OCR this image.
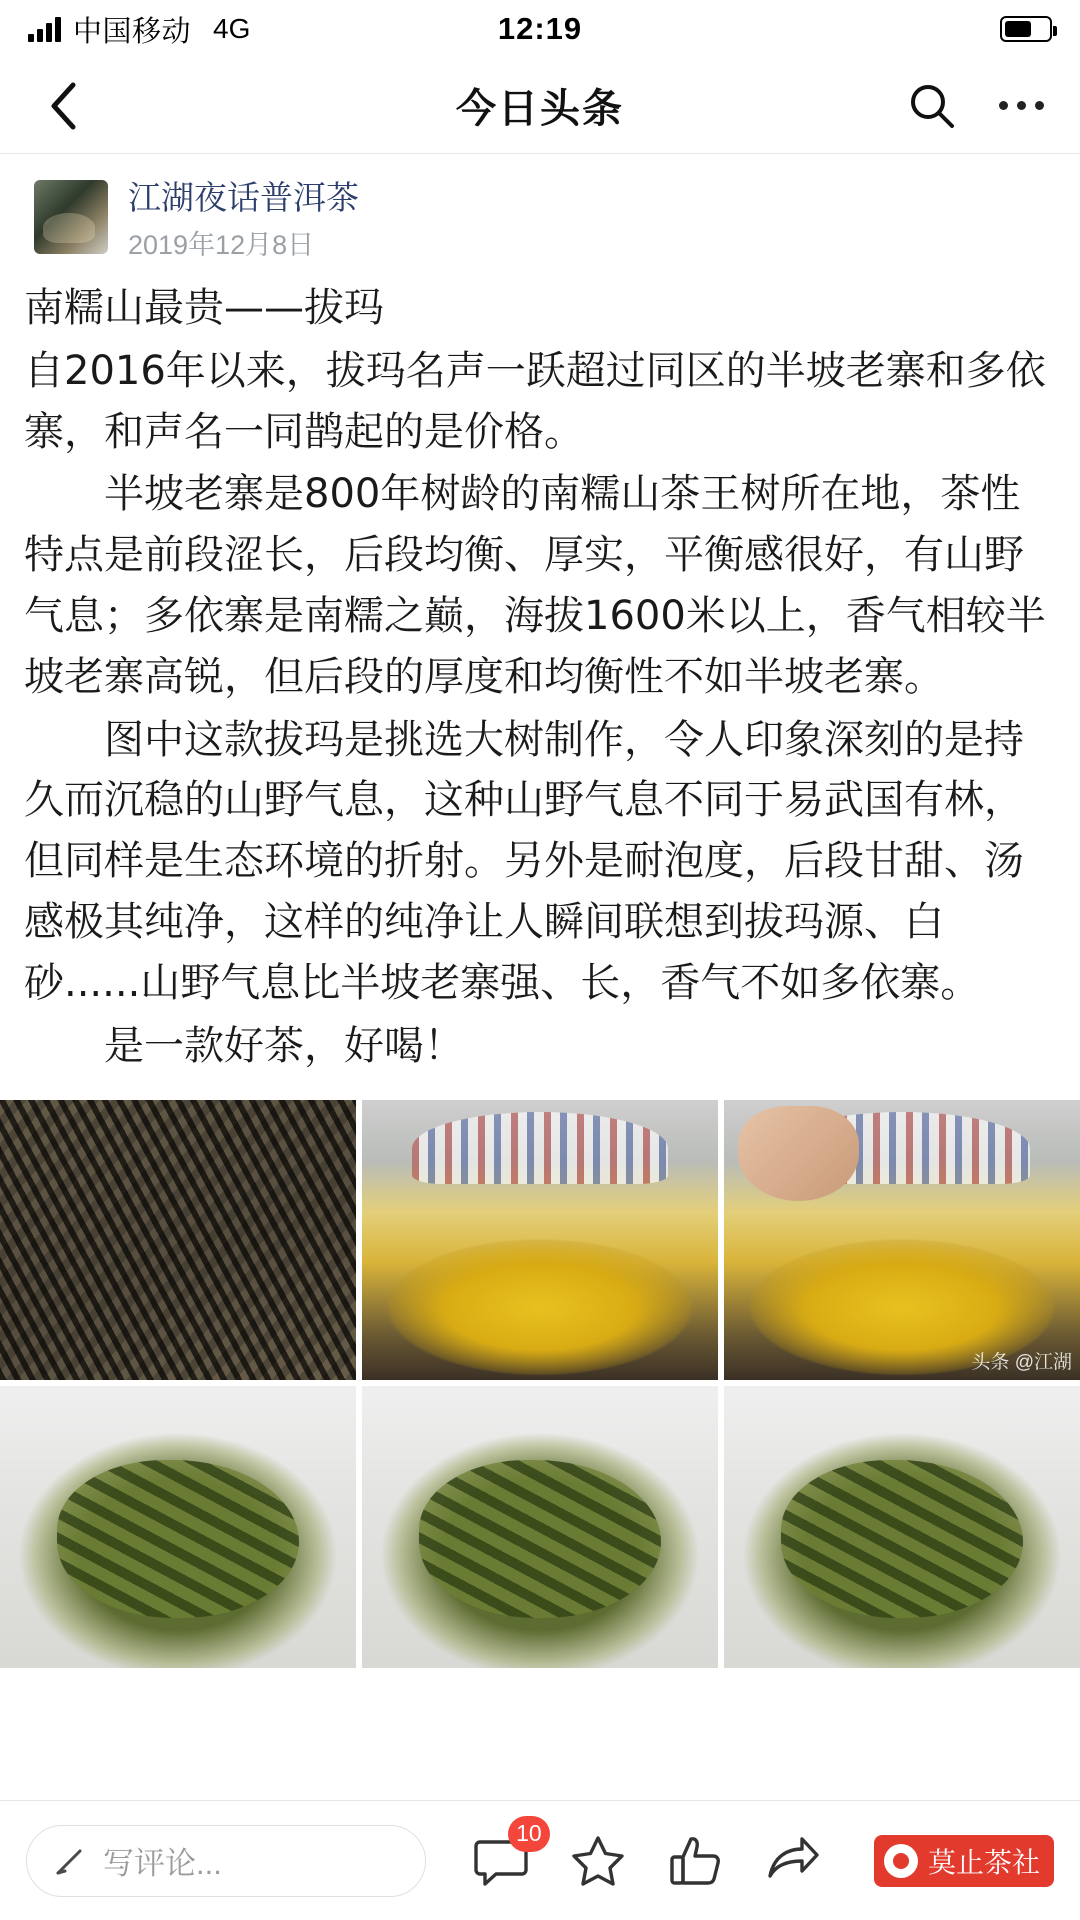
中国移动 4G	12:19
今日头条
江湖夜话普洱茶
2019年12月8日

南糯山最贵——拔玛

自2016年以来，拔玛名声一跃超过同区的半坡老寨和多依寨，和声名一同鹊起的是价格。

半坡老寨是800年树龄的南糯山茶王树所在地，茶性特点是前段涩长，后段均衡、厚实，平衡感很好，有山野气息；多依寨是南糯之巅，海拔1600米以上，香气相较半坡老寨高锐，但后段的厚度和均衡性不如半坡老寨。

图中这款拔玛是挑选大树制作，令人印象深刻的是持久而沉稳的山野气息，这种山野气息不同于易武国有林，但同样是生态环境的折射。另外是耐泡度，后段甘甜、汤感极其纯净，这样的纯净让人瞬间联想到拔玛源、白砂......山野气息比半坡老寨强、长，香气不如多依寨。

是一款好茶，好喝！

头条 @江湖
写评论...
10
莫止茶社
